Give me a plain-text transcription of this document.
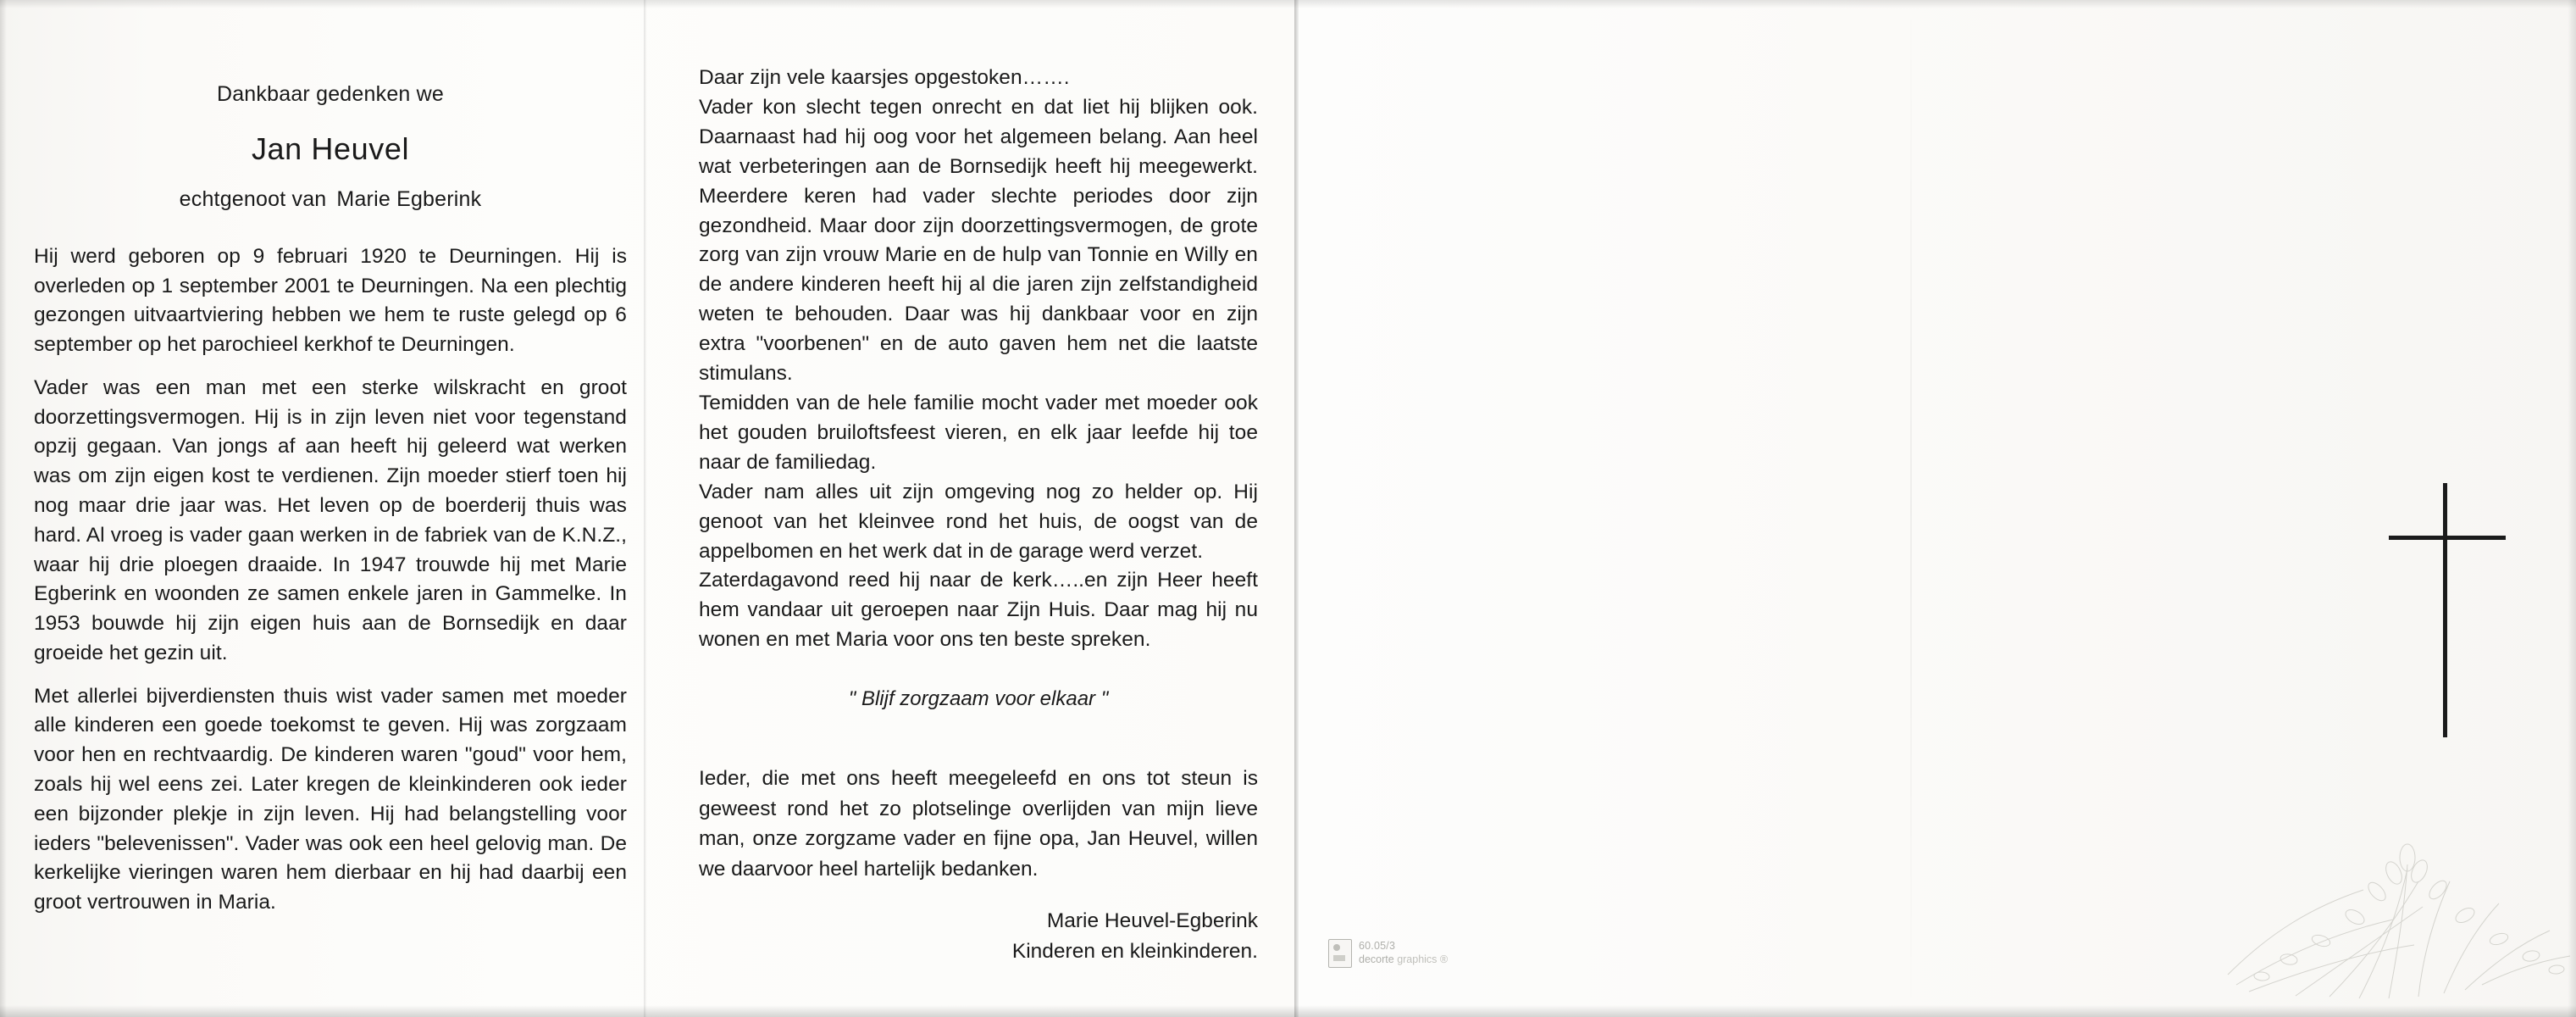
Dankbaar gedenken we
Jan Heuvel
echtgenoot van Marie Egberink

Hij werd geboren op 9 februari 1920 te Deurningen. Hij is overleden op 1 september 2001 te Deurningen. Na een plechtig gezongen uitvaartviering hebben we hem te ruste gelegd op 6 september op het parochieel kerkhof te Deurningen.

Vader was een man met een sterke wilskracht en groot doorzettingsvermogen. Hij is in zijn leven niet voor tegenstand opzij gegaan. Van jongs af aan heeft hij geleerd wat werken was om zijn eigen kost te verdienen. Zijn moeder stierf toen hij nog maar drie jaar was. Het leven op de boerderij thuis was hard. Al vroeg is vader gaan werken in de fabriek van de K.N.Z., waar hij drie ploegen draaide. In 1947 trouwde hij met Marie Egberink en woonden ze samen enkele jaren in Gammelke. In 1953 bouwde hij zijn eigen huis aan de Bornsedijk en daar groeide het gezin uit.

Met allerlei bijverdiensten thuis wist vader samen met moeder alle kinderen een goede toekomst te geven. Hij was zorgzaam voor hen en rechtvaardig. De kinderen waren "goud" voor hem, zoals hij wel eens zei. Later kregen de kleinkinderen ook ieder een bijzonder plekje in zijn leven. Hij had belangstelling voor ieders "belevenissen". Vader was ook een heel gelovig man. De kerkelijke vieringen waren hem dierbaar en hij had daarbij een groot vertrouwen in Maria.

Daar zijn vele kaarsjes opgestoken…….

Vader kon slecht tegen onrecht en dat liet hij blijken ook. Daarnaast had hij oog voor het algemeen belang. Aan heel wat verbeteringen aan de Bornsedijk heeft hij meegewerkt. Meerdere keren had vader slechte periodes door zijn gezondheid. Maar door zijn doorzettingsvermogen, de grote zorg van zijn vrouw Marie en de hulp van Tonnie en Willy en de andere kinderen heeft hij al die jaren zijn zelfstandigheid weten te behouden. Daar was hij dankbaar voor en zijn extra "voorbenen" en de auto gaven hem net die laatste stimulans.

Temidden van de hele familie mocht vader met moeder ook het gouden bruiloftsfeest vieren, en elk jaar leefde hij toe naar de familiedag.

Vader nam alles uit zijn omgeving nog zo helder op. Hij genoot van het kleinvee rond het huis, de oogst van de appelbomen en het werk dat in de garage werd verzet.

Zaterdagavond reed hij naar de kerk…..en zijn Heer heeft hem vandaar uit geroepen naar Zijn Huis. Daar mag hij nu wonen en met Maria voor ons ten beste spreken.

" Blijf zorgzaam voor elkaar "
Ieder, die met ons heeft meegeleefd en ons tot steun is geweest rond het zo plotselinge overlijden van mijn lieve man, onze zorgzame vader en fijne opa, Jan Heuvel, willen we daarvoor heel hartelijk bedanken.
Marie Heuvel-Egberink
Kinderen en kleinkinderen.	60.05/3
decorte graphics ®
